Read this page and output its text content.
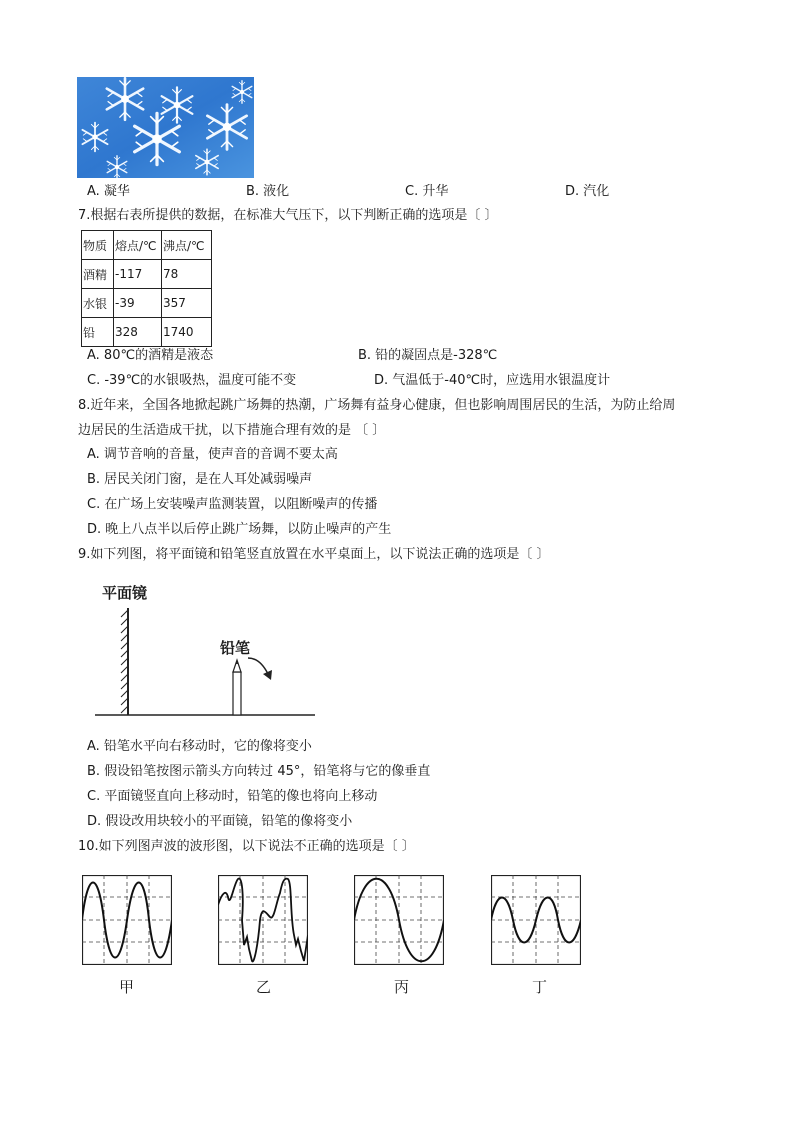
A. 凝华	B. 液化	C. 升华	D. 汽化
7.根据右表所提供的数据，在标准大气压下，以下判断正确的选项是〔 〕
物质	熔点/℃	沸点/℃
酒精	-117	78
水银	-39	357
铅	328	1740
A. 80℃的酒精是液态	B. 铅的凝固点是-328℃
C. -39℃的水银吸热，温度可能不变	D. 气温低于-40℃时，应选用水银温度计
8.近年来，全国各地掀起跳广场舞的热潮，广场舞有益身心健康，但也影响周围居民的生活，为防止给周
边居民的生活造成干扰，以下措施合理有效的是 〔 〕
A. 调节音响的音量，使声音的音调不要太高
B. 居民关闭门窗，是在人耳处减弱噪声
C. 在广场上安装噪声监测装置，以阻断噪声的传播
D. 晚上八点半以后停止跳广场舞，以防止噪声的产生
9.如下列图，将平面镜和铅笔竖直放置在水平桌面上，以下说法正确的选项是〔 〕
平面镜
铅笔
A. 铅笔水平向右移动时，它的像将变小
B. 假设铅笔按图示箭头方向转过 45°，铅笔将与它的像垂直
C. 平面镜竖直向上移动时，铅笔的像也将向上移动
D. 假设改用块较小的平面镜，铅笔的像将变小
10.如下列图声波的波形图，以下说法不正确的选项是〔 〕
甲	乙	丙	丁
